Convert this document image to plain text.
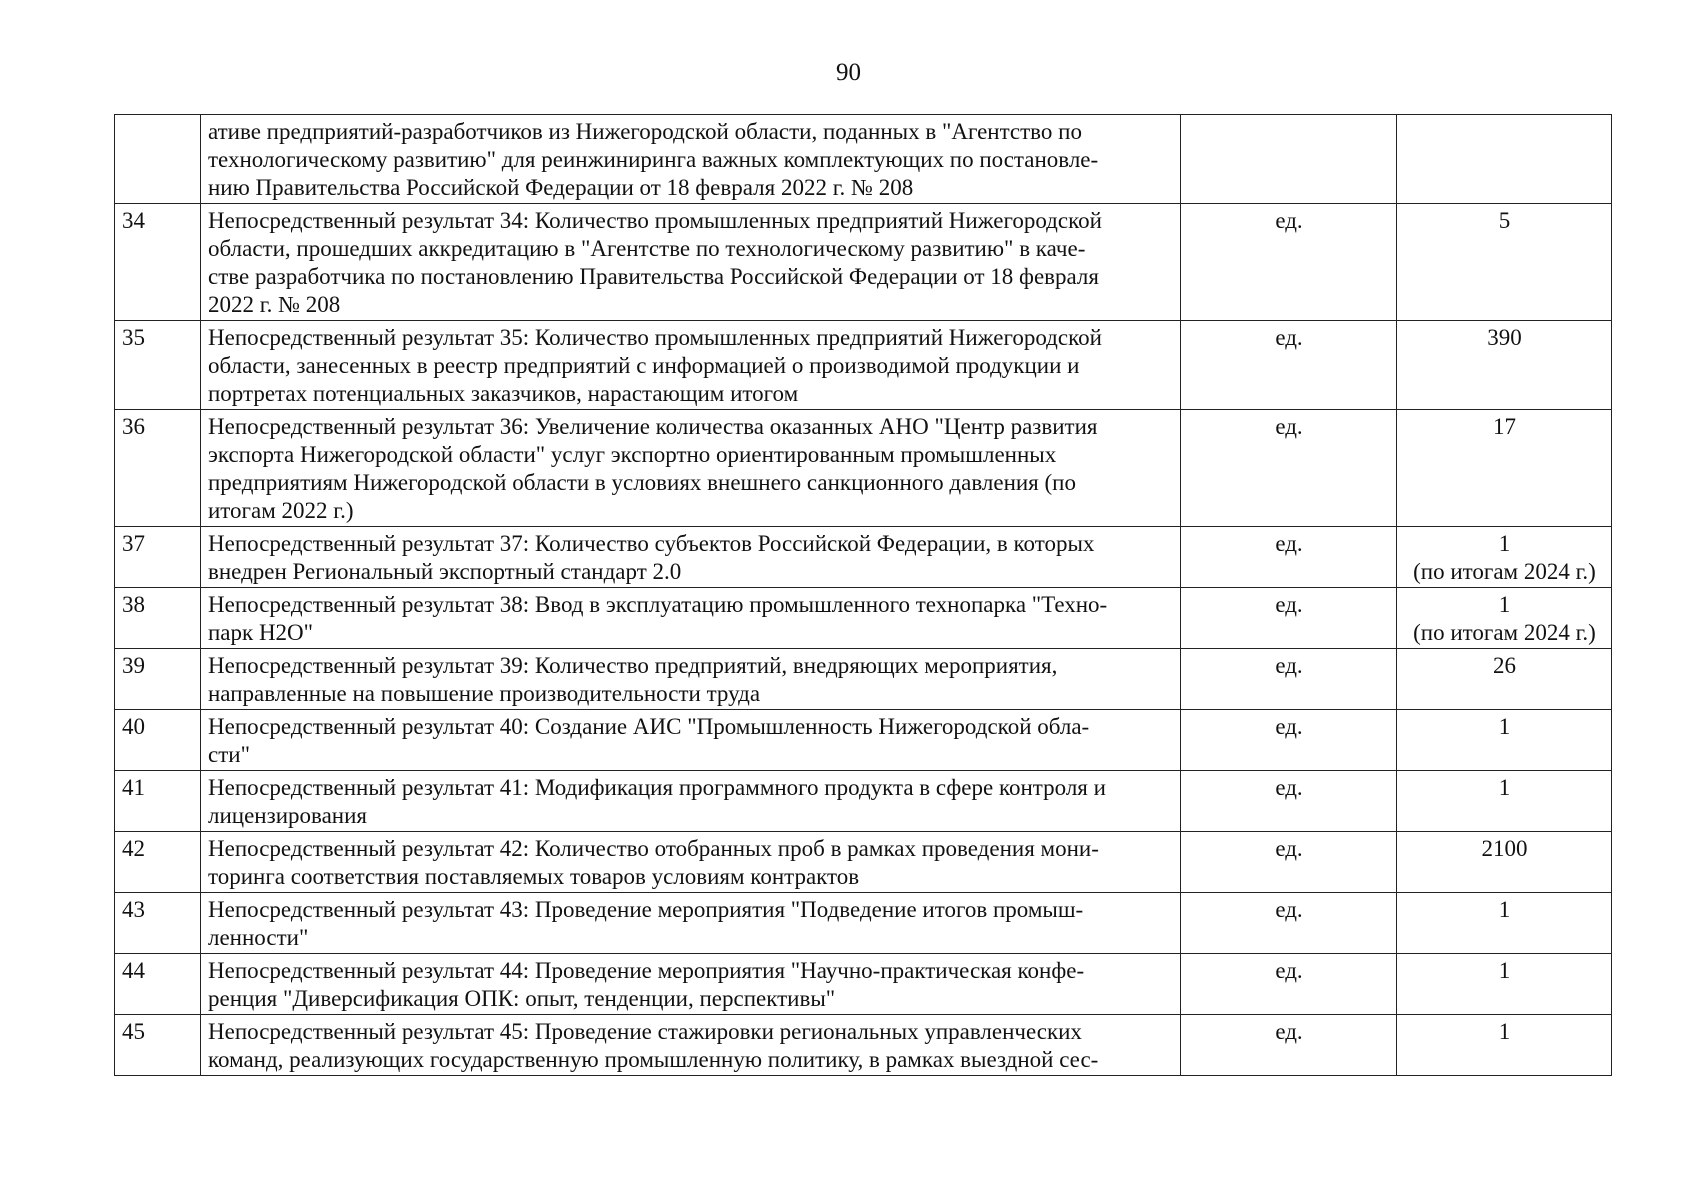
90

	ативе предприятий-разработчиков из Нижегородской области, поданных в "Агентство по
технологическому развитию" для реинжиниринга важных комплектующих по постановле-
нию Правительства Российской Федерации от 18 февраля 2022 г. № 208		

34	Непосредственный результат 34: Количество промышленных предприятий Нижегородской
области, прошедших аккредитацию в "Агентстве по технологическому развитию" в каче-
стве разработчика по постановлению Правительства Российской Федерации от 18 февраля
2022 г. № 208	ед.	5

35	Непосредственный результат 35: Количество промышленных предприятий Нижегородской
области, занесенных в реестр предприятий с информацией о производимой продукции и
портретах потенциальных заказчиков, нарастающим итогом	ед.	390

36	Непосредственный результат 36: Увеличение количества оказанных АНО "Центр развития
экспорта Нижегородской области" услуг экспортно ориентированным промышленных
предприятиям Нижегородской области в условиях внешнего санкционного давления (по
итогам 2022 г.)	ед.	17

37	Непосредственный результат 37: Количество субъектов Российской Федерации, в которых
внедрен Региональный экспортный стандарт 2.0	ед.	1
(по итогам 2024 г.)

38	Непосредственный результат 38: Ввод в эксплуатацию промышленного технопарка "Техно-
парк Н2О"	ед.	1
(по итогам 2024 г.)

39	Непосредственный результат 39: Количество предприятий, внедряющих мероприятия,
направленные на повышение производительности труда	ед.	26

40	Непосредственный результат 40: Создание АИС "Промышленность Нижегородской обла-
сти"	ед.	1

41	Непосредственный результат 41: Модификация программного продукта в сфере контроля и
лицензирования	ед.	1

42	Непосредственный результат 42: Количество отобранных проб в рамках проведения мони-
торинга соответствия поставляемых товаров условиям контрактов	ед.	2100

43	Непосредственный результат 43: Проведение мероприятия "Подведение итогов промыш-
ленности"	ед.	1

44	Непосредственный результат 44: Проведение мероприятия "Научно-практическая конфе-
ренция "Диверсификация ОПК: опыт, тенденции, перспективы"	ед.	1

45	Непосредственный результат 45: Проведение стажировки региональных управленческих
команд, реализующих государственную промышленную политику, в рамках выездной сес-	ед.	1
